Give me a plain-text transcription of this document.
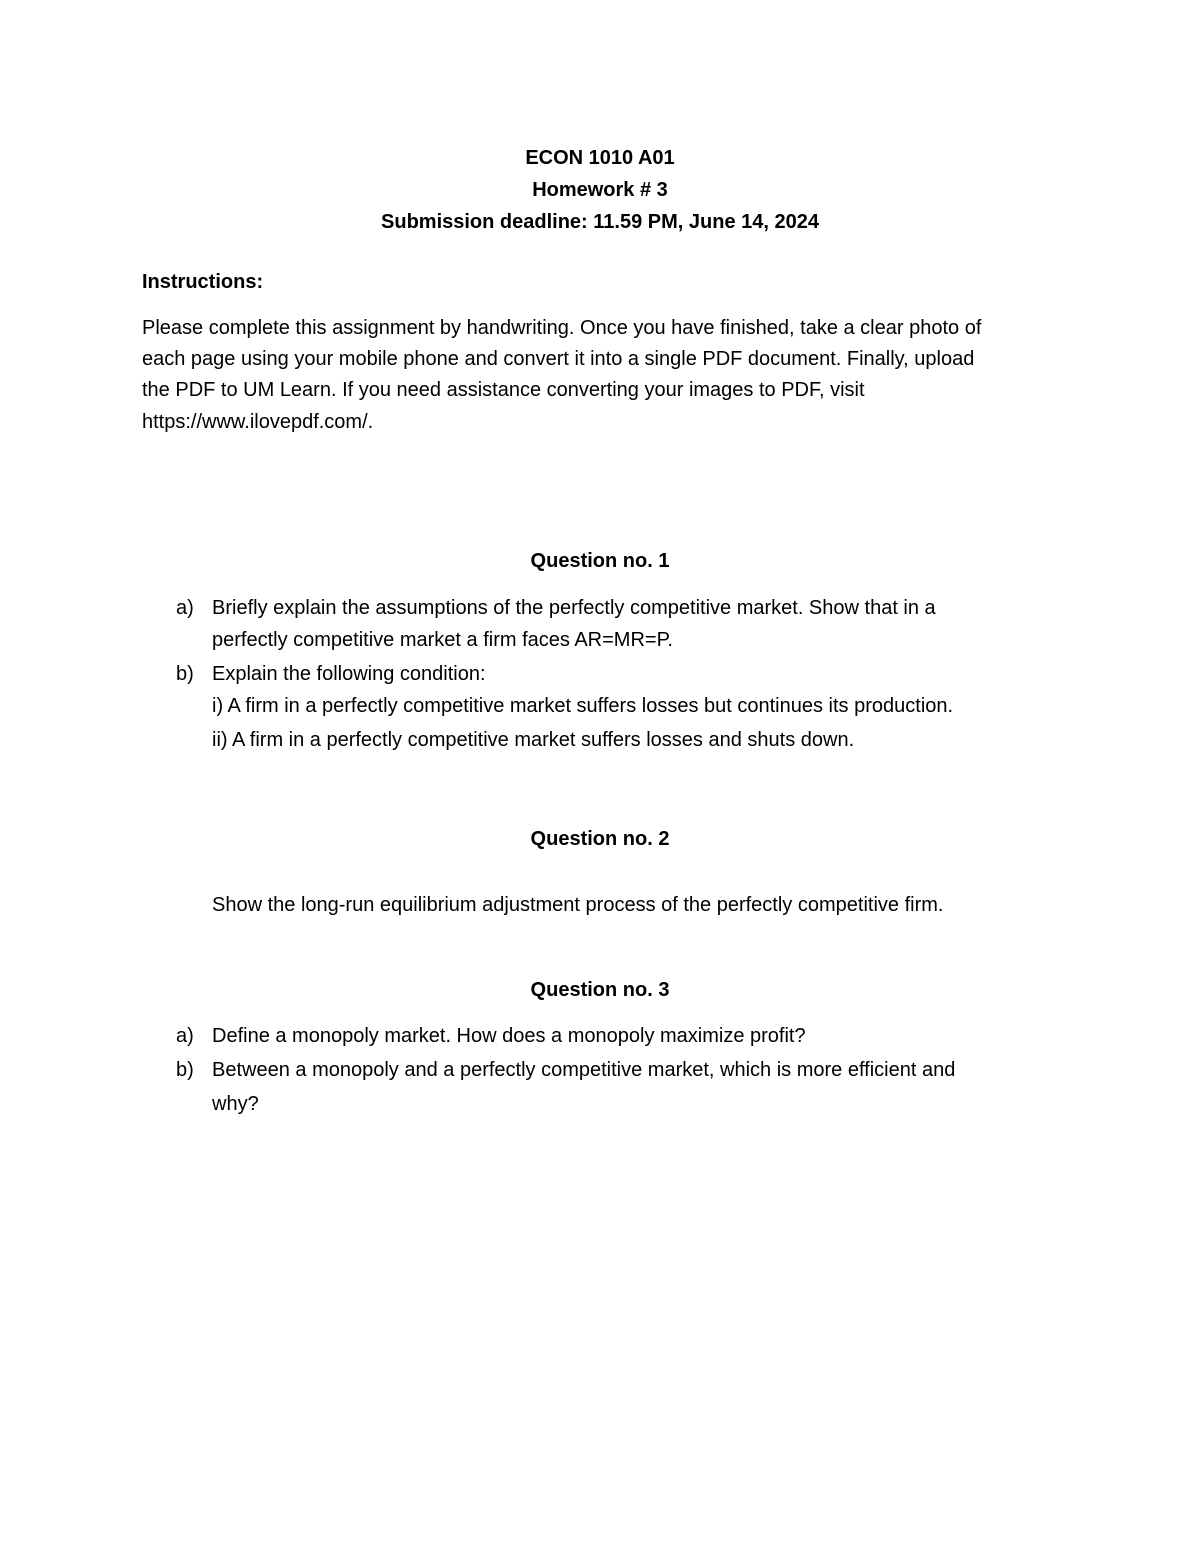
ECON 1010 A01
Homework # 3
Submission deadline: 11.59 PM, June 14, 2024
Instructions:
Please complete this assignment by handwriting. Once you have finished, take a clear photo of
each page using your mobile phone and convert it into a single PDF document. Finally, upload
the PDF to UM Learn. If you need assistance converting your images to PDF, visit
https://www.ilovepdf.com/.
Question no. 1
a) Briefly explain the assumptions of the perfectly competitive market. Show that in a
perfectly competitive market a firm faces AR=MR=P.
b) Explain the following condition:
i) A firm in a perfectly competitive market suffers losses but continues its production.
ii) A firm in a perfectly competitive market suffers losses and shuts down.
Question no. 2
Show the long-run equilibrium adjustment process of the perfectly competitive firm.
Question no. 3
a) Define a monopoly market. How does a monopoly maximize profit?
b) Between a monopoly and a perfectly competitive market, which is more efficient and
why?
